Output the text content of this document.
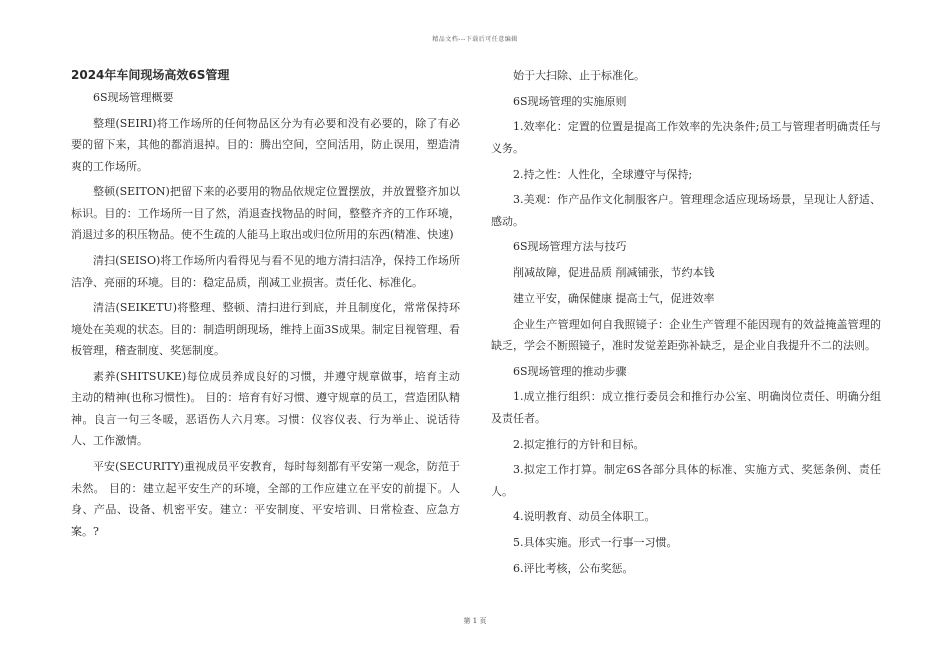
精品文档---下载后可任意编辑
2024年车间现场高效6S管理

6S现场管理概要

整理(SEIRI)将工作场所的任何物品区分为有必要和没有必要的，除了有必要的留下来，其他的都消退掉。目的：腾出空间，空间活用，防止误用，塑造清爽的工作场所。

整顿(SEITON)把留下来的必要用的物品依规定位置摆放，并放置整齐加以标识。目的：工作场所一目了然，消退查找物品的时间，整整齐齐的工作环境，消退过多的积压物品。使不生疏的人能马上取出或归位所用的东西(精准、快速)

清扫(SEISO)将工作场所内看得见与看不见的地方清扫洁净，保持工作场所洁净、亮丽的环境。目的：稳定品质，削减工业损害。责任化、标准化。

清洁(SEIKETU)将整理、整顿、清扫进行到底，并且制度化，常常保持环境处在美观的状态。目的：制造明朗现场，维持上面3S成果。制定目视管理、看板管理，稽查制度、奖惩制度。

素养(SHITSUKE)每位成员养成良好的习惯，并遵守规章做事，培育主动主动的精神(也称习惯性)。 目的：培育有好习惯、遵守规章的员工，营造团队精神。良言一句三冬暖，恶语伤人六月寒。习惯：仪容仪表、行为举止、说话待人、工作激情。

平安(SECURITY)重视成员平安教育，每时每刻都有平安第一观念，防范于未然。 目的：建立起平安生产的环境，全部的工作应建立在平安的前提下。人身、产品、设备、机密平安。建立：平安制度、平安培训、日常检查、应急方案。?

始于大扫除、止于标准化。

6S现场管理的实施原则

1.效率化：定置的位置是提高工作效率的先决条件;员工与管理者明确责任与义务。

2.持之性：人性化，全球遵守与保持;

3.美观：作产品作文化制服客户。管理理念适应现场场景，呈现让人舒适、感动。

6S现场管理方法与技巧

削减故障，促进品质 削减铺张，节约本钱

建立平安，确保健康 提高士气，促进效率

企业生产管理如何自我照镜子：企业生产管理不能因现有的效益掩盖管理的缺乏，学会不断照镜子，准时发觉差距弥补缺乏，是企业自我提升不二的法则。

6S现场管理的推动步骤

1.成立推行组织：成立推行委员会和推行办公室、明确岗位责任、明确分组及责任者。

2.拟定推行的方针和目标。

3.拟定工作打算。制定6S各部分具体的标准、实施方式、奖惩条例、责任人。

4.说明教育、动员全体职工。

5.具体实施。形式一行事一习惯。

6.评比考核，公布奖惩。

第 1 页
